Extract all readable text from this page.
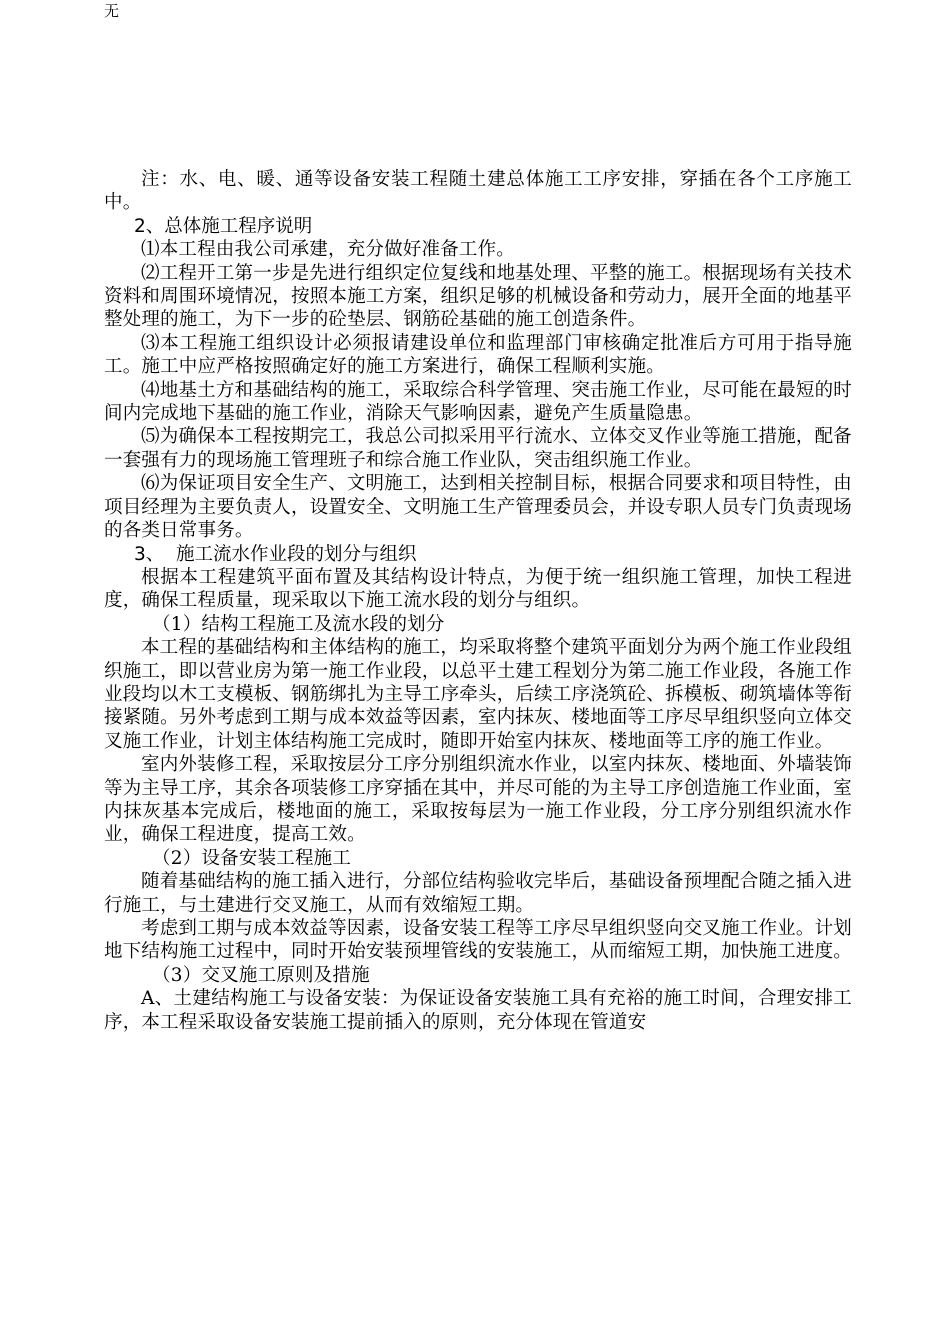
无

注：水、电、暖、通等设备安装工程随土建总体施工工序安排，穿插在各个工序施工中。

2、总体施工程序说明

⑴本工程由我公司承建，充分做好准备工作。

⑵工程开工第一步是先进行组织定位复线和地基处理、平整的施工。根据现场有关技术资料和周围环境情况，按照本施工方案，组织足够的机械设备和劳动力，展开全面的地基平整处理的施工，为下一步的砼垫层、钢筋砼基础的施工创造条件。

⑶本工程施工组织设计必须报请建设单位和监理部门审核确定批准后方可用于指导施工。施工中应严格按照确定好的施工方案进行，确保工程顺利实施。

⑷地基土方和基础结构的施工，采取综合科学管理、突击施工作业，尽可能在最短的时间内完成地下基础的施工作业，消除天气影响因素，避免产生质量隐患。

⑸为确保本工程按期完工，我总公司拟采用平行流水、立体交叉作业等施工措施，配备一套强有力的现场施工管理班子和综合施工作业队，突击组织施工作业。

⑹为保证项目安全生产、文明施工，达到相关控制目标，根据合同要求和项目特性，由项目经理为主要负责人，设置安全、文明施工生产管理委员会，并设专职人员专门负责现场的各类日常事务。

3、  施工流水作业段的划分与组织

根据本工程建筑平面布置及其结构设计特点，为便于统一组织施工管理，加快工程进度，确保工程质量，现采取以下施工流水段的划分与组织。

（1）结构工程施工及流水段的划分

本工程的基础结构和主体结构的施工，均采取将整个建筑平面划分为两个施工作业段组织施工，即以营业房为第一施工作业段，以总平土建工程划分为第二施工作业段，各施工作业段均以木工支模板、钢筋绑扎为主导工序牵头，后续工序浇筑砼、拆模板、砌筑墙体等衔接紧随。另外考虑到工期与成本效益等因素，室内抹灰、楼地面等工序尽早组织竖向立体交叉施工作业，计划主体结构施工完成时，随即开始室内抹灰、楼地面等工序的施工作业。

室内外装修工程，采取按层分工序分别组织流水作业，以室内抹灰、楼地面、外墙装饰等为主导工序，其余各项装修工序穿插在其中，并尽可能的为主导工序创造施工作业面，室内抹灰基本完成后，楼地面的施工，采取按每层为一施工作业段，分工序分别组织流水作业，确保工程进度，提高工效。

（2）设备安装工程施工

随着基础结构的施工插入进行，分部位结构验收完毕后，基础设备预埋配合随之插入进行施工，与土建进行交叉施工，从而有效缩短工期。

考虑到工期与成本效益等因素，设备安装工程等工序尽早组织竖向交叉施工作业。计划地下结构施工过程中，同时开始安装预埋管线的安装施工，从而缩短工期，加快施工进度。

（3）交叉施工原则及措施

A、土建结构施工与设备安装：为保证设备安装施工具有充裕的施工时间，合理安排工序，本工程采取设备安装施工提前插入的原则，充分体现在管道安
